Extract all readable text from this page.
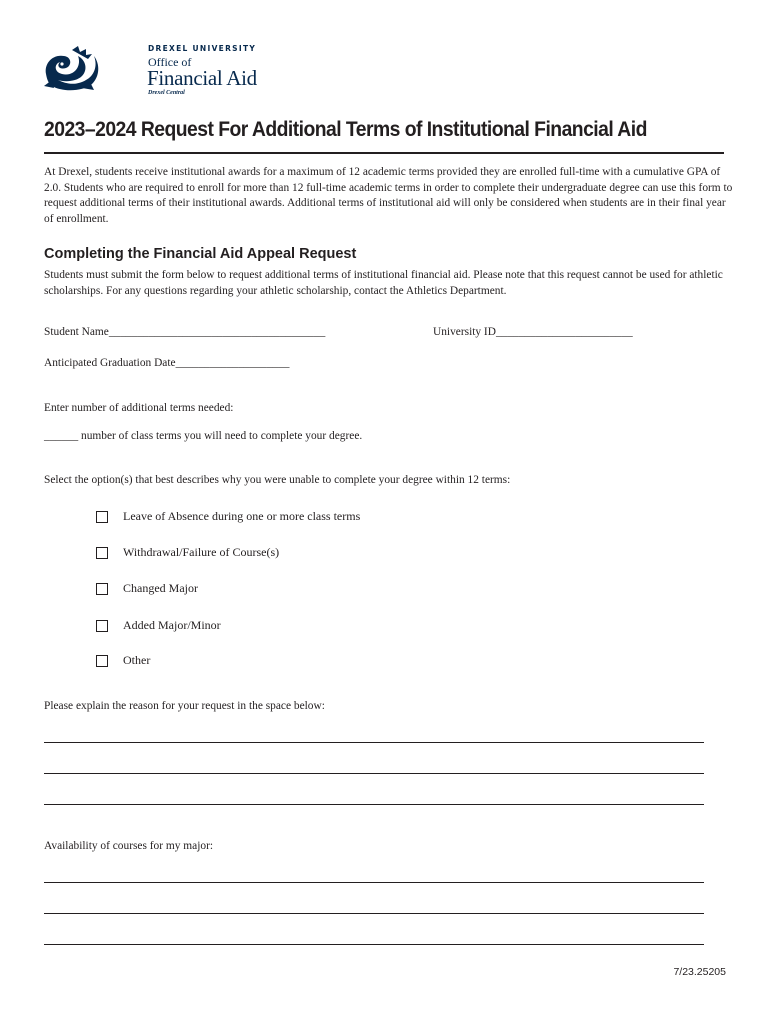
DREXEL UNIVERSITY
Office of
Financial Aid
Drexel Central
2023–2024 Request For Additional Terms of Institutional Financial Aid
At Drexel, students receive institutional awards for a maximum of 12 academic terms provided they are enrolled full-time with a cumulative GPA of 2.0. Students who are required to enroll for more than 12 full-time academic terms in order to complete their undergraduate degree can use this form to request additional terms of their institutional awards. Additional terms of institutional aid will only be considered when students are in their final year of enrollment.
Completing the Financial Aid Appeal Request
Students must submit the form below to request additional terms of institutional financial aid. Please note that this request cannot be used for athletic scholarships. For any questions regarding your athletic scholarship, contact the Athletics Department.
Student Name______________________________________	University ID________________________
Anticipated Graduation Date____________________
Enter number of additional terms needed:
______ number of class terms you will need to complete your degree.
Select the option(s) that best describes why you were unable to complete your degree within 12 terms:
Leave of Absence during one or more class terms
Withdrawal/Failure of Course(s)
Changed Major
Added Major/Minor
Other
Please explain the reason for your request in the space below:
Availability of courses for my major:
7/23.25205
